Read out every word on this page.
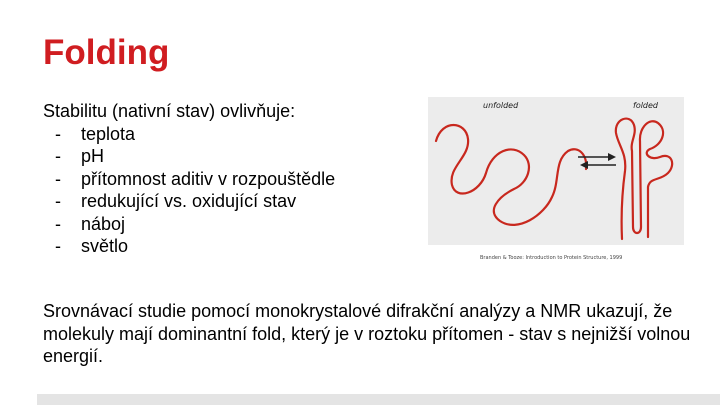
Folding
Stabilitu (nativní stav) ovlivňuje:
- teplota
- pH
- přítomnost aditiv v rozpouštědle
- redukující vs. oxidující stav
- náboj
- světlo
unfolded	folded
Branden & Tooze: Introduction to Protein Structure, 1999

Srovnávací studie pomocí monokrystalové difrakční analýzy a NMR ukazují, že molekuly mají dominantní fold, který je v roztoku přítomen - stav s nejnižší volnou energií.
